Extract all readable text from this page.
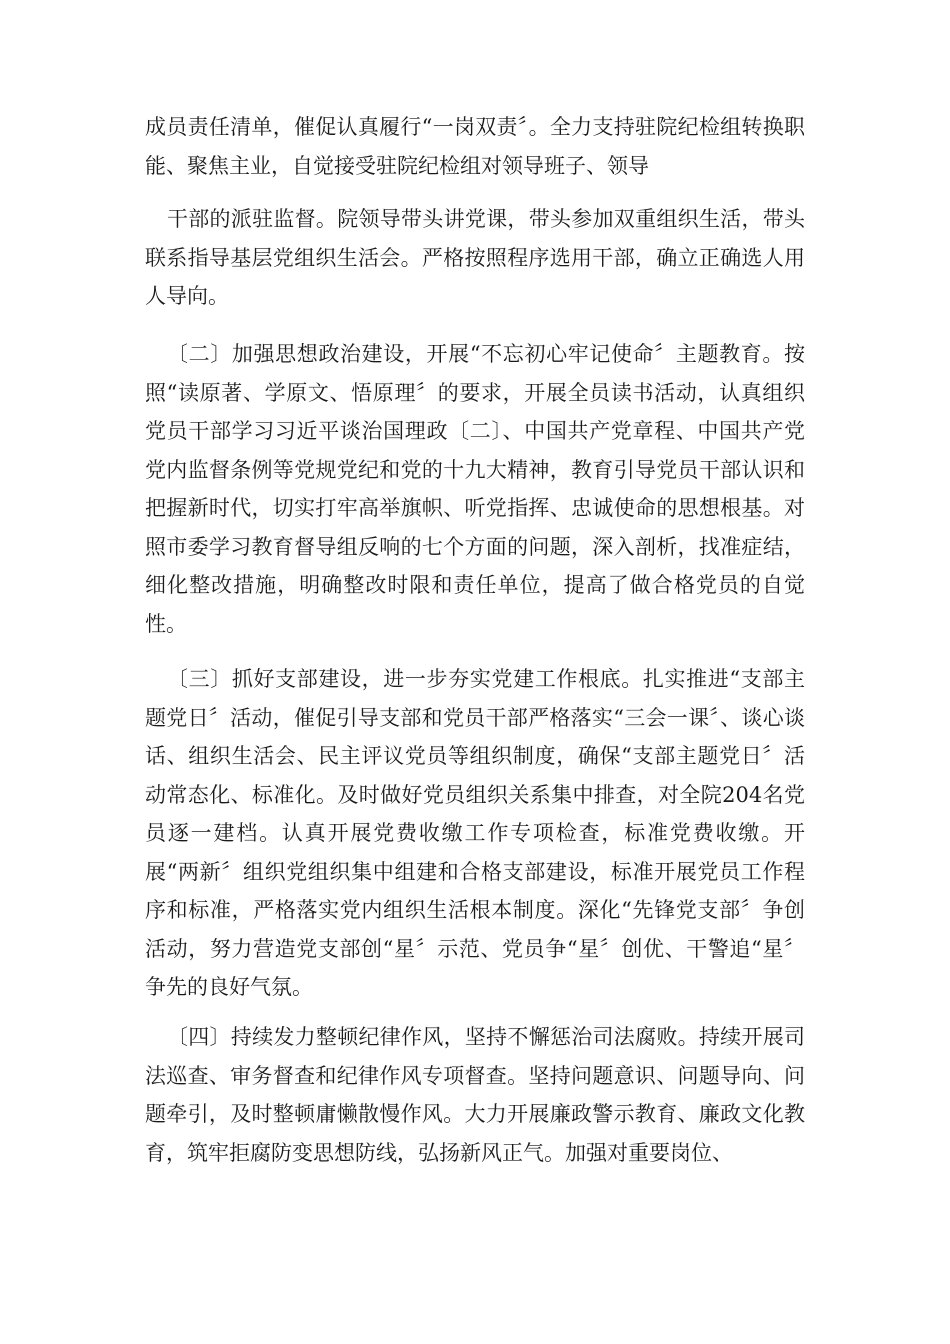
成员责任清单，催促认真履行“一岗双责〞。全力支持驻院纪检组转换职能、聚焦主业，自觉接受驻院纪检组对领导班子、领导

干部的派驻监督。院领导带头讲党课，带头参加双重组织生活，带头联系指导基层党组织生活会。严格按照程序选用干部，确立正确选人用人导向。

〔二〕加强思想政治建设，开展“不忘初心牢记使命〞主题教育。按照“读原著、学原文、悟原理〞的要求，开展全员读书活动，认真组织党员干部学习习近平谈治国理政〔二〕、中国共产党章程、中国共产党党内监督条例等党规党纪和党的十九大精神，教育引导党员干部认识和把握新时代，切实打牢高举旗帜、听党指挥、忠诚使命的思想根基。对照市委学习教育督导组反响的七个方面的问题，深入剖析，找准症结，细化整改措施，明确整改时限和责任单位，提高了做合格党员的自觉性。

〔三〕抓好支部建设，进一步夯实党建工作根底。扎实推进“支部主题党日〞活动，催促引导支部和党员干部严格落实“三会一课〞、谈心谈话、组织生活会、民主评议党员等组织制度，确保“支部主题党日〞活动常态化、标准化。及时做好党员组织关系集中排查，对全院204名党员逐一建档。认真开展党费收缴工作专项检查，标准党费收缴。开展“两新〞组织党组织集中组建和合格支部建设，标准开展党员工作程序和标准，严格落实党内组织生活根本制度。深化“先锋党支部〞争创活动，努力营造党支部创“星〞示范、党员争“星〞创优、干警追“星〞争先的良好气氛。

〔四〕持续发力整顿纪律作风，坚持不懈惩治司法腐败。持续开展司法巡查、审务督查和纪律作风专项督查。坚持问题意识、问题导向、问题牵引，及时整顿庸懒散慢作风。大力开展廉政警示教育、廉政文化教育，筑牢拒腐防变思想防线，弘扬新风正气。加强对重要岗位、
